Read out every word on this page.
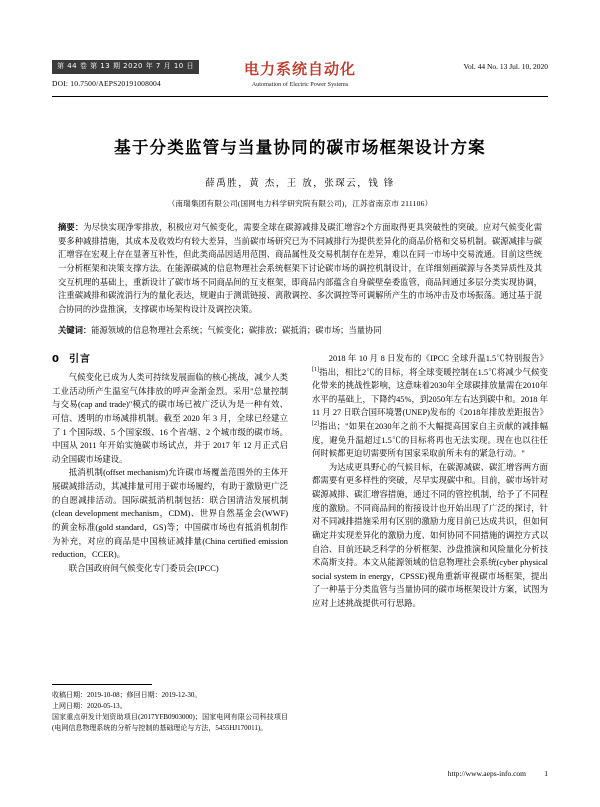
第 44 卷 第 13 期 2020 年 7 月 10 日
DOI: 10.7500/AEPS20191008004
电力系统自动化
Automation of Electric Power Systems
Vol. 44 No. 13 Jul. 10, 2020
基于分类监管与当量协同的碳市场框架设计方案
薛禹胜，黄 杰，王 放，张琛云，钱 锋
（南瑞集团有限公司(国网电力科学研究院有限公司)，江苏省南京市 211106）
摘要：为尽快实现净零排放，积极应对气候变化，需要全球在碳源减排及碳汇增容2个方面取得更具突破性的突破。应对气候变化需要多种减排措施，其成本及收效均有较大差异，当前碳市场研究已为不同减排行为提供差异化的商品价格和交易机制。碳源减排与碳汇增容在宏观上存在显著互补性，但此类商品因适用范围、商品属性及交易机制存在差异，难以在同一市场中交易流通。目前这些统一分析框架和决策支撑方法。在能源碳减的信息物理社会系统框架下讨论碳市场的调控机制设计，在详细刻画碳源与各类异质性及其交互机理的基础上，重新设计了碳市场不同商品间的互支框架，即商品内部蕴含自身碳壁垒委监管，商品间通过多层分类实现协调，注重碳减排和碳流消行为的量化表达，规避由于测谎链接、离散调控、多次调控等可调解所产生的市场冲击及市场振荡。通过基于混合协同的沙盘推演，支撑碳市场架构设计及调控决策。
关键词：能源领域的信息物理社会系统；气候变化；碳排放；碳抵消；碳市场；当量协同
0 引言

气候变化已成为人类可持续发展面临的核心挑战，减少人类工业活动所产生温室气体排放的呼声金渐金烈。采用"总量控制与交易(cap and trade)"模式的碳市场已被广泛认为是一种有效、可信、透明的市场减排机制。截至 2020 年 3 月，全球已经建立了 1 个国际级、5 个国家级、16 个省/辖、2 个城市级的碳市场。中国从 2011 年开始实施碳市场试点，并于 2017 年 12 月正式启动全国碳市场建设。

抵消机制(offset mechanism)允许碳市场覆盖范围外的主体开展碳减排活动，其减排量可用于碳市场履约，有助于激励更广泛的自愿减排活动。国际碳抵消机制包括：联合国清洁发展机制(clean development mechanism，CDM)、世界自然基金会(WWF)的黄金标准(gold standard，GS)等；中国碳市场也有抵消机制作为补充，对应的商品是中国核证减排量(China certified emission reduction，CCER)。

联合国政府间气候变化专门委员会(IPCC)

2018 年 10 月 8 日发布的《IPCC 全球升温1.5℃特别报告》[1]指出，相比2℃的目标，将全球变暖控制在1.5℃将减少气候变化带来的挑战性影响，这意味着2030年全球碳排放量需在2010年水平的基础上，下降约45%，到2050年左右达到碳中和。2018 年 11 月 27 日联合国环境署(UNEP)发布的《2018年排放差距报告》[2]指出；"如果在2030年之前不大幅提高国家自主贡献的减排幅度，避免升温超过1.5℃的目标将再也无法实现。现在也以往任何时候都更迫切需要所有国家采取前所未有的紧急行动。"

为达成更具野心的气候目标，在碳源减碳、碳汇增容两方面都需要有更多样性的突破，尽早实现碳中和。目前，碳市场针对碳源减排、碳汇增容措施，通过不同的管控机制，给予了不同程度的激励。不同商品间的衔接设计也开始出现了广泛的探讨，针对不同减排措施采用有区别的激励力度目前已达成共识，但如何确定并实现差异化的激励力度、如何协同不同措施的调控方式以自洽、目前还缺乏科学的分析框架、沙盘推演和风险量化分析技术高斯支持。本文从能源领域的信息物理社会系统(cyber physical social system in energy，CPSSE)视角重新审视碳市场框架，提出了一种基于分类监管与当量协同的碳市场框架设计方案，试图为应对上述挑战提供可行思路。

收稿日期：2019-10-08；修回日期：2019-12-30。
上网日期：2020-05-13。
国家重点研发计划资助项目(2017YFB0903000)；国家电网有限公司科技项目(电网信息物理系统的分析与控制的基础理论与方法，5455HJ170011)。
http://www.aeps-info.com 1
